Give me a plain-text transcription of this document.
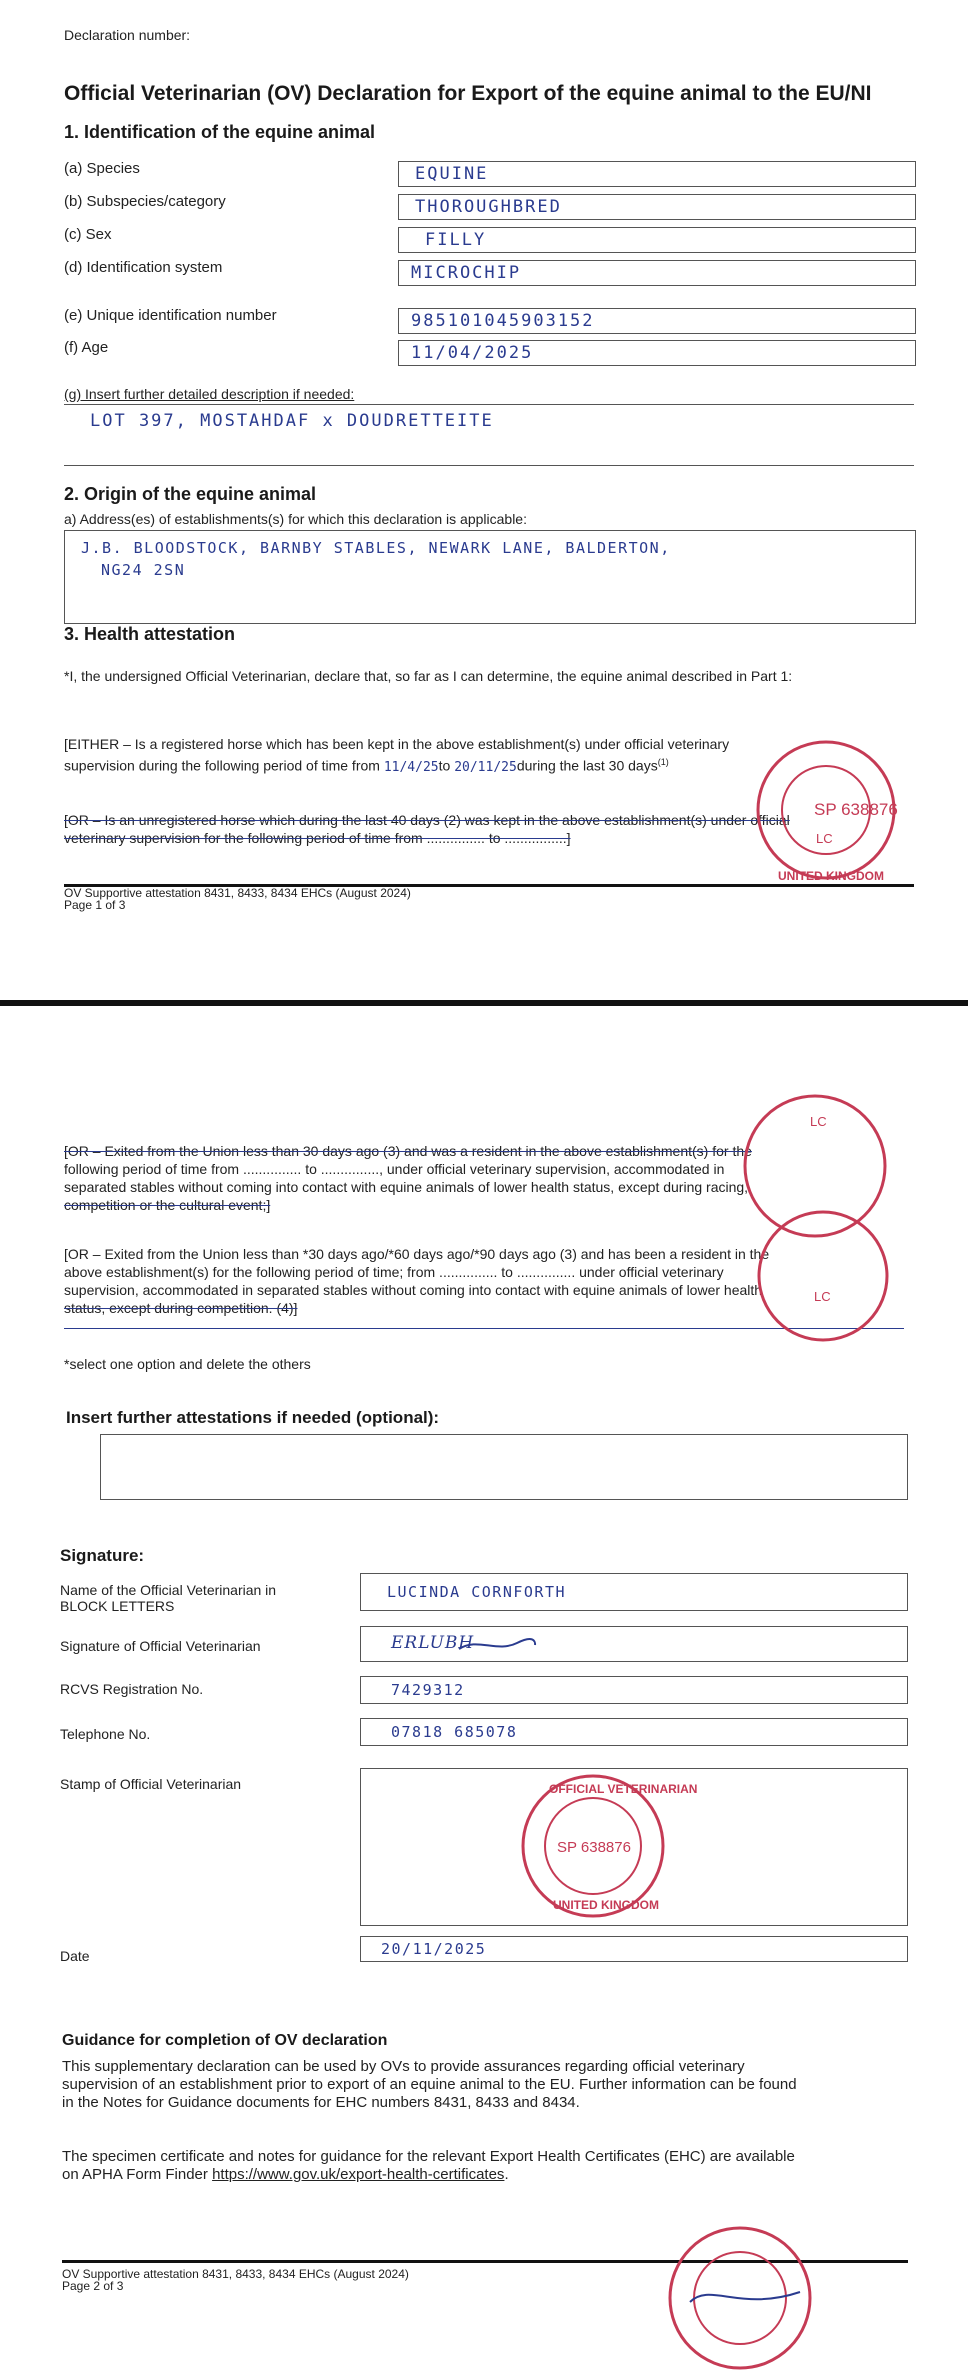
Declaration number:
Official Veterinarian (OV) Declaration for Export of the equine animal to the EU/NI
1. Identification of the equine animal
(a) Species	EQUINE
(b) Subspecies/category	THOROUGHBRED
(c) Sex	FILLY
(d) Identification system	MICROCHIP
(e) Unique identification number	985101045903152
(f) Age	11/04/2025
(g) Insert further detailed description if needed:
LOT 397, MOSTAHDAF x DOUDRETTEITE
2. Origin of the equine animal
a) Address(es) of establishments(s) for which this declaration is applicable:
J.B. BLOODSTOCK, BARNBY STABLES, NEWARK LANE, BALDERTON,
NG24 2SN
3. Health attestation
*I, the undersigned Official Veterinarian, declare that, so far as I can determine, the equine animal described in Part 1:
[EITHER – Is a registered horse which has been kept in the above establishment(s) under official veterinary
supervision during the following period of time from 11/4/25to 20/11/25during the last 30 days$^{(1)}$
[OR – Is an unregistered horse which during the last 40 days (2) was kept in the above establishment(s) under official
veterinary supervision for the following period of time from ............... to ................]
OV Supportive attestation 8431, 8433, 8434 EHCs (August 2024)
Page 1 of 3
SP 638876
LC
UNITED KINGDOM
[OR – Exited from the Union less than 30 days ago (3) and was a resident in the above establishment(s) for the
following period of time from ............... to ..............., under official veterinary supervision, accommodated in
separated stables without coming into contact with equine animals of lower health status, except during racing,
competition or the cultural event;]
[OR – Exited from the Union less than *30 days ago/*60 days ago/*90 days ago (3) and has been a resident in the
above establishment(s) for the following period of time; from ............... to ............... under official veterinary
supervision, accommodated in separated stables without coming into contact with equine animals of lower health
status, except during competition. (4)]
*select one option and delete the others
Insert further attestations if needed (optional):
Signature:
Name of the Official Veterinarian in
BLOCK LETTERS
LUCINDA CORNFORTH
Signature of Official Veterinarian	ERLUBH
RCVS Registration No.	7429312
Telephone No.	07818 685078
Stamp of Official Veterinarian
SP 638876
OFFICIAL VETERINARIAN
UNITED KINGDOM
Date	20/11/2025
Guidance for completion of OV declaration
This supplementary declaration can be used by OVs to provide assurances regarding official veterinary
supervision of an establishment prior to export of an equine animal to the EU. Further information can be found
in the Notes for Guidance documents for EHC numbers 8431, 8433 and 8434.
The specimen certificate and notes for guidance for the relevant Export Health Certificates (EHC) are available
on APHA Form Finder https://www.gov.uk/export-health-certificates.
OV Supportive attestation 8431, 8433, 8434 EHCs (August 2024)
Page 2 of 3
LC
LC
